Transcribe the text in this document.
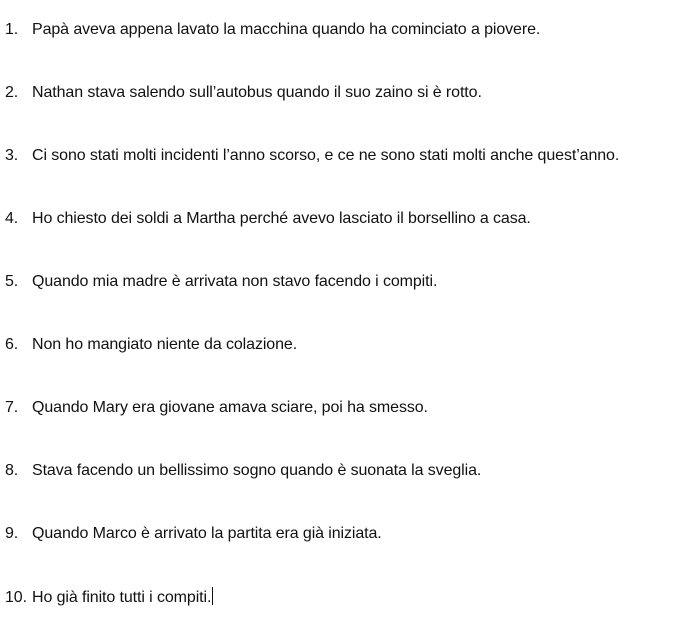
1. Papà aveva appena lavato la macchina quando ha cominciato a piovere.
2. Nathan stava salendo sull’autobus quando il suo zaino si è rotto.
3. Ci sono stati molti incidenti l’anno scorso, e ce ne sono stati molti anche quest’anno.
4. Ho chiesto dei soldi a Martha perché avevo lasciato il borsellino a casa.
5. Quando mia madre è arrivata non stavo facendo i compiti.
6. Non ho mangiato niente da colazione.
7. Quando Mary era giovane amava sciare, poi ha smesso.
8. Stava facendo un bellissimo sogno quando è suonata la sveglia.
9. Quando Marco è arrivato la partita era già iniziata.
10. Ho già finito tutti i compiti.
